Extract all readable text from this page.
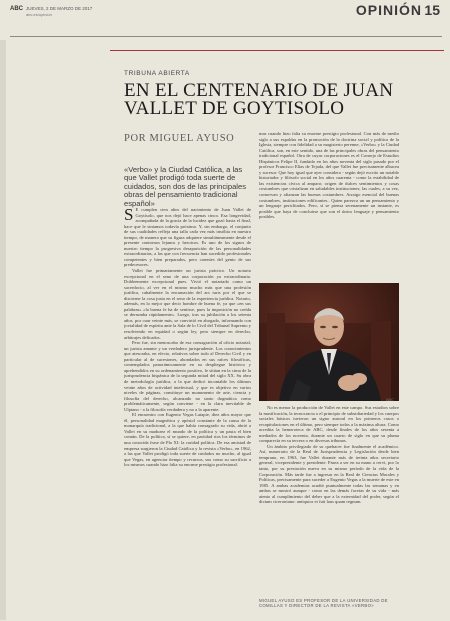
ABC JUEVES, 2 DE MARZO DE 2017
abc.es/opinion	OPINIÓN 15
TRIBUNA ABIERTA
EN EL CENTENARIO DE JUAN VALLET DE GOYTISOLO
POR MIGUEL AYUSO
«Verbo» y la Ciudad Católica, a las que Vallet prodigó toda suerte de cuidados, son dos de las principales obras del pensamiento tradicional español»

S E cumplen cien años del nacimiento de Juan Vallet de Goytisolo, que nos dejó hace apenas cinco. Esa longevidad, acompañada de la gracia de la lucidez que gozó hasta el final, hace que le sintamos todavía próximo. Y, sin embargo, el conjunto de sus cualidades refleja una talla cada vez más insólita en nuestro tiempo, de manera que su figura adquiere simultáneamente desde el presente contornos lejanos y heroicos. Es uno de los signos de nuestro tiempo la progresiva desaparición de las personalidades extraordinarias, a las que con frecuencia han sucedido profesionales competentes y bien preparados, pero carentes del genio de sus predecesores.

Vallet fue primariamente un jurista práctico. Un notario excepcional en el seno de una corporación ya extraordinaria. Dobleemente excepcional pues. Vivió el notariado como un sacerdocio, al ver en el mismo mucho más que una profesión jurídica, cabalmente la encarnación del ars iuris por el que se discierne la cosa justa en el seno de la experiencia jurídica. Notario, además, en lo mejor que decir hombre de buena fe, ya que «en sus palabras» «la buena fe ha de sentirse, pues la imposición no creída se derrumba rápidamente». Luego, tras su jubilación a los setenta años, por cuar veinte más, se convirtió en abogado, informando con jovialidad de espíritu ante la Sala de lo Civil del Tribunal Supremo y resolviendo en equidad o según ley, pero siempre en derecho, arbitrajes delicados.

Pero fue, sin menoscabo de esa consagración al oficio notarial, un jurista amante y un verdadero jurisprudente. Los conocimientos que atesoraba, en efecto, relativos sobre todo al Derecho Civil y en particular al de sucesiones, ahondados en sus raíces filosóficas, contemplados panorámicamente en su despliegue histórico y aprehendidos en su ordenamiento positivo, le sitúan en la cima de la jurisprudencia hispánica de la segunda mitad del siglo XX. Su obra de metodología jurídica, a la que dedicó incontable los últimos veinte años de actividad intelectual, y que es objetivo en varios niveles de páginas, constituye un monumento de arte, ciencia y filosofía del derecho, alcanzado no tanto dogmática como problemáticamente, según conviene - en la clara inevitable de Ulpiano - a la filosofía verdadera y no a la aparente.

El encuentro con Eugenio Vegas Latapie, diez años mayor que él, personalidad magnética y apóstol constante de la causa de la monarquía tradicional, a la que había consagrado su vida, abrió a Vallet en su madurez el mundo de la política y un pasta el bien común. De la política, sí se quiere, en partidad rios los términos de una conocida frase de Pío XI: la caridad política. De esa amistad de empresa surgieron la Ciudad Católica y la revista «Verbo», en 1962, a las que Vallet prodigó toda suerte de cuidados no mucho, al igual que Vegas, en agenciar tiempo y recursos, sus como su sacrificio a los mismos cuando hizo falta su enorme prestigio profesional.

mas cuando hizo falta su enorme prestigio profesional. Con más de medio siglo a sus espaldas en la promoción de la doctrina social y política de la Iglesia, siempre con fidelidad a su magisterio perenne, «Verbo» y la Ciudad Católica, son, en este sentido, una de las principales obras del pensamiento tradicional español. Otra de cuyas corporaciones es el Consejo de Estudios Hispánicos Felipe II, fundado en los años noventa del siglo pasado por el profesor Francisco Elías de Tejada, del que Vallet fue precisamente albacea y sucesor. Que hoy igual que ayer considera - según dejó escrito un notable historiador y filósofo social en los años cuarenta - como la estabilidad de las existencias cívica al amparo; origen de dulces sentimientos y cosas costumbres que cristalizan en saludables instituciones; las cuales, a su vez, conservan y afianzan las buenas costumbres. Arraigo esencial del buenas costumbres, instituciones edificantes.. Quien parezca un un pensamiento y un lenguaje periclitados. Pero, sí se piensa serenamente un instante, es posible que haya de concluirse que son el único lenguaje y pensamiento posibles.

ABC

No es menor la producción de Vallet en este campo. Sus estudios sobre la masificación, la tecnocracia o el principio de subsidiariedad y los cuerpos sociales básicos tuvieron un signo auroral en los primeros casos o recapitulaciones en el último, pero siempre todos a la máxima altura. Como acredita la hemeroteca de ABC, desde finales de los años sesenta a mediados de los noventa, durante un cuarto de siglo en que su pluma comparecía en su tercera o en diversas tribunas.

Un ámbito privilegiado de su quehacer fue finalmente el académico. Así, numerario de la Real de Jurisprudencia y Legislación desde bien temprano, en 1963, fue Vallet durante más de treinta años secretario general, vicepresidente y presidente. Pasea a ser en su mano a cervi, por lo tanto, por su prestación nueva en su mismo período de la vida de la Corporación. Más tarde fue a ingresar en la Real de Ciencias Morales y Políticas, precisamente para suceder a Eugenio Vegas a la muerte de este en 1985. A ambas academias acudió puntualmente todas las semanas y en ambas se mostró aunque - como en las demás facetas de su vida - más atento al cumplimiento del deber que a la externidad del poder, según el dictum ciceroniano: antiquior ei fuit laus quam regnum.

MIGUEL AYUSO ES PROFESOR DE LA UNIVERSIDAD DE COMILLAS Y DIRECTOR DE LA REVISTA «VERBO»
